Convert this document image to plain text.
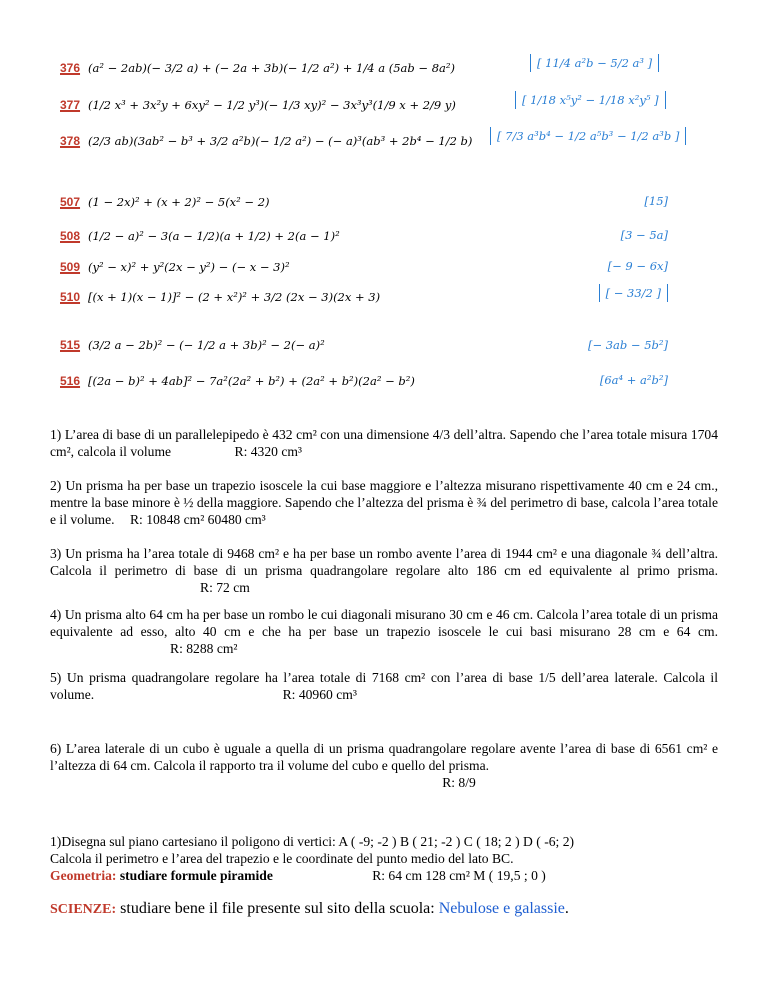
376 (a² − 2ab)(− 3/2 a) + (− 2a + 3b)(− 1/2 a²) + 1/4 a (5ab − 8a²)	[ 11/4 a²b − 5/2 a³ ]
377 (1/2 x³ + 3x²y + 6xy² − 1/2 y³)(− 1/3 xy)² − 3x³y³(1/9 x + 2/9 y)	[ 1/18 x⁵y² − 1/18 x²y⁵ ]
378 (2/3 ab)(3ab² − b³ + 3/2 a²b)(− 1/2 a²) − (− a)³(ab³ + 2b⁴ − 1/2 b)	[ 7/3 a³b⁴ − 1/2 a⁵b³ − 1/2 a³b ]
507 (1 − 2x)² + (x + 2)² − 5(x² − 2)	[15]
508 (1/2 − a)² − 3(a − 1/2)(a + 1/2) + 2(a − 1)²	[3 − 5a]
509 (y² − x)² + y²(2x − y²) − (− x − 3)²	[− 9 − 6x]
510 [(x + 1)(x − 1)]² − (2 + x²)² + 3/2 (2x − 3)(2x + 3)	[ − 33/2 ]
515 (3/2 a − 2b)² − (− 1/2 a + 3b)² − 2(− a)²	[− 3ab − 5b²]
516 [(2a − b)² + 4ab]² − 7a²(2a² + b²) + (2a² + b²)(2a² − b²)	[6a⁴ + a²b²]
1) L’area di base di un parallelepipedo è 432 cm² con una dimensione 4/3 dell’altra. Sapendo che l’area totale misura 1704 cm², calcola il volume	R: 4320 cm³
2) Un prisma ha per base un trapezio isoscele la cui base maggiore e l’altezza misurano rispettivamente 40 cm e 24 cm., mentre la base minore è ½ della maggiore. Sapendo che l’altezza del prisma è ¾ del perimetro di base, calcola l’area totale e il volume. R: 10848 cm² 60480 cm³
3) Un prisma ha l’area totale di 9468 cm² e ha per base un rombo avente l’area di 1944 cm² e una diagonale ¾ dell’altra. Calcola il perimetro di base di un prisma quadrangolare regolare alto 186 cm ed equivalente al primo prisma. R: 72 cm
4) Un prisma alto 64 cm ha per base un rombo le cui diagonali misurano 30 cm e 46 cm. Calcola l’area totale di un prisma equivalente ad esso, alto 40 cm e che ha per base un trapezio isoscele le cui basi misurano 28 cm e 64 cm. R: 8288 cm²
5) Un prisma quadrangolare regolare ha l’area totale di 7168 cm² con l’area di base 1/5 dell’area laterale. Calcola il volume.	R: 40960 cm³
6) L’area laterale di un cubo è uguale a quella di un prisma quadrangolare regolare avente l’area di base di 6561 cm² e l’altezza di 64 cm. Calcola il rapporto tra il volume del cubo e quello del prisma.
R: 8/9

1)Disegna sul piano cartesiano il poligono di vertici: A ( -9; -2 ) B ( 21; -2 ) C ( 18; 2 ) D ( -6; 2)
Calcola il perimetro e l’area del trapezio e le coordinate del punto medio del lato BC.

R: 64 cm 128 cm² M ( 19,5 ; 0 )

Geometria: studiare formule piramide
SCIENZE: studiare bene il file presente sul sito della scuola: Nebulose e galassie.
